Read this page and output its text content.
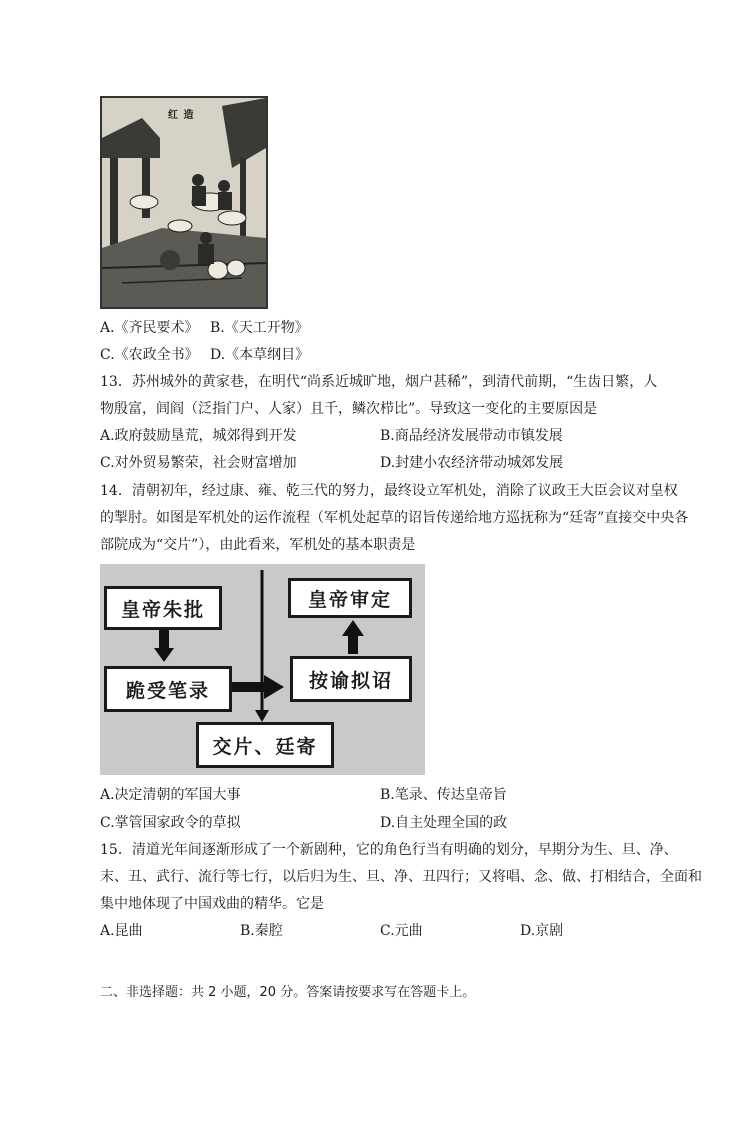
红 造
A.《齐民要术》 B.《天工开物》
C.《农政全书》 D.《本草纲目》
13．苏州城外的黄家巷，在明代“尚系近城旷地，烟户甚稀”，到清代前期，“生齿日繁，人
物殷富，闾阎（泛指门户、人家）且千，鳞次栉比”。导致这一变化的主要原因是
A.政府鼓励垦荒，城郊得到开发	B.商品经济发展带动市镇发展
C.对外贸易繁荣，社会财富增加	D.封建小农经济带动城郊发展
14．清朝初年，经过康、雍、乾三代的努力，最终设立军机处，消除了议政王大臣会议对皇权
的掣肘。如图是军机处的运作流程（军机处起草的诏旨传递给地方巡抚称为“廷寄”直接交中央各
部院成为“交片”），由此看来，军机处的基本职责是
皇帝朱批
跪受笔录
皇帝审定
按谕拟诏
交片、廷寄
A.决定清朝的军国大事	B.笔录、传达皇帝旨
C.掌管国家政令的草拟	D.自主处理全国的政
15．清道光年间逐渐形成了一个新剧种，它的角色行当有明确的划分，早期分为生、旦、净、
末、丑、武行、流行等七行，以后归为生、旦、净、丑四行；又将唱、念、做、打相结合，全面和
集中地体现了中国戏曲的精华。它是
A.昆曲	B.秦腔	C.元曲	D.京剧
二、非选择题：共 2 小题，20 分。答案请按要求写在答题卡上。
